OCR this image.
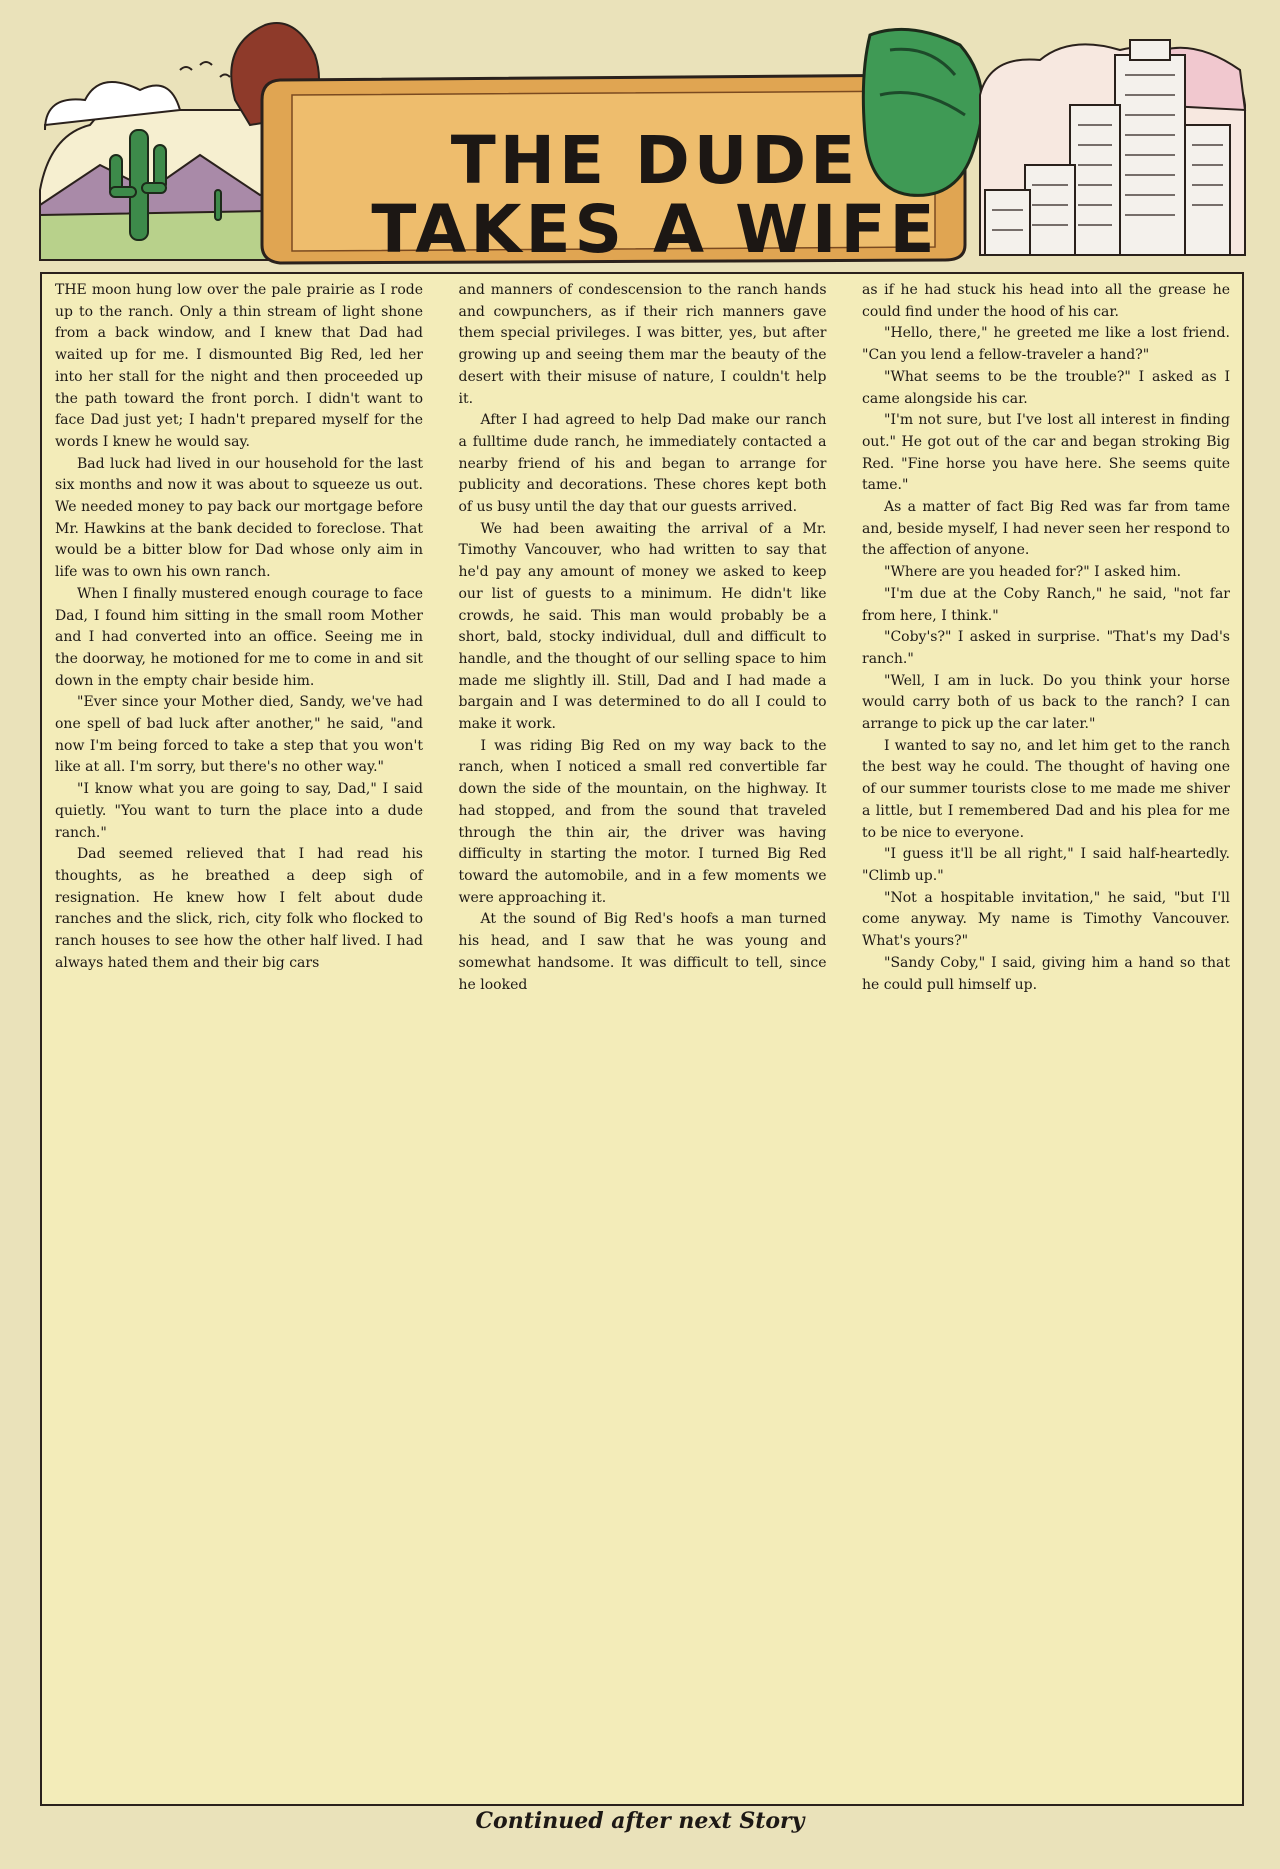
THE DUDE
TAKES A WIFE

THE moon hung low over the pale prairie as I rode up to the ranch. Only a thin stream of light shone from a back window, and I knew that Dad had waited up for me. I dismounted Big Red, led her into her stall for the night and then proceeded up the path toward the front porch. I didn't want to face Dad just yet; I hadn't prepared myself for the words I knew he would say.

Bad luck had lived in our household for the last six months and now it was about to squeeze us out. We needed money to pay back our mortgage before Mr. Hawkins at the bank decided to foreclose. That would be a bitter blow for Dad whose only aim in life was to own his own ranch.

When I finally mustered enough courage to face Dad, I found him sitting in the small room Mother and I had converted into an office. Seeing me in the doorway, he motioned for me to come in and sit down in the empty chair beside him.

"Ever since your Mother died, Sandy, we've had one spell of bad luck after another," he said, "and now I'm being forced to take a step that you won't like at all. I'm sorry, but there's no other way."

"I know what you are going to say, Dad," I said quietly. "You want to turn the place into a dude ranch."

Dad seemed relieved that I had read his thoughts, as he breathed a deep sigh of resignation. He knew how I felt about dude ranches and the slick, rich, city folk who flocked to ranch houses to see how the other half lived. I had always hated them and their big cars

and manners of condescension to the ranch hands and cowpunchers, as if their rich manners gave them special privileges. I was bitter, yes, but after growing up and seeing them mar the beauty of the desert with their misuse of nature, I couldn't help it.

After I had agreed to help Dad make our ranch a fulltime dude ranch, he immediately contacted a nearby friend of his and began to arrange for publicity and decorations. These chores kept both of us busy until the day that our guests arrived.

We had been awaiting the arrival of a Mr. Timothy Vancouver, who had written to say that he'd pay any amount of money we asked to keep our list of guests to a minimum. He didn't like crowds, he said. This man would probably be a short, bald, stocky individual, dull and difficult to handle, and the thought of our selling space to him made me slightly ill. Still, Dad and I had made a bargain and I was determined to do all I could to make it work.

I was riding Big Red on my way back to the ranch, when I noticed a small red convertible far down the side of the mountain, on the highway. It had stopped, and from the sound that traveled through the thin air, the driver was having difficulty in starting the motor. I turned Big Red toward the automobile, and in a few moments we were approaching it.

At the sound of Big Red's hoofs a man turned his head, and I saw that he was young and somewhat handsome. It was difficult to tell, since he looked

as if he had stuck his head into all the grease he could find under the hood of his car.

"Hello, there," he greeted me like a lost friend. "Can you lend a fellow-traveler a hand?"

"What seems to be the trouble?" I asked as I came alongside his car.

"I'm not sure, but I've lost all interest in finding out." He got out of the car and began stroking Big Red. "Fine horse you have here. She seems quite tame."

As a matter of fact Big Red was far from tame and, beside myself, I had never seen her respond to the affection of anyone.

"Where are you headed for?" I asked him.

"I'm due at the Coby Ranch," he said, "not far from here, I think."

"Coby's?" I asked in surprise. "That's my Dad's ranch."

"Well, I am in luck. Do you think your horse would carry both of us back to the ranch? I can arrange to pick up the car later."

I wanted to say no, and let him get to the ranch the best way he could. The thought of having one of our summer tourists close to me made me shiver a little, but I remembered Dad and his plea for me to be nice to everyone.

"I guess it'll be all right," I said half-heartedly. "Climb up."

"Not a hospitable invitation," he said, "but I'll come anyway. My name is Timothy Vancouver. What's yours?"

"Sandy Coby," I said, giving him a hand so that he could pull himself up.

Continued after next Story
